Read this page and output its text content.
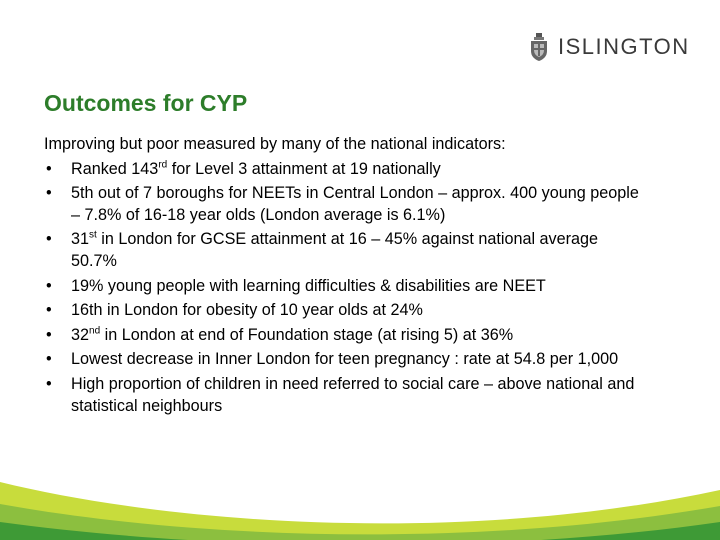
ISLINGTON
Outcomes for CYP

Improving but poor measured by many of the national indicators:

• Ranked 143rd for Level 3 attainment at 19 nationally
• 5th out of 7 boroughs for NEETs in Central London – approx. 400 young people – 7.8% of 16-18 year olds (London average is 6.1%)
• 31st in London for GCSE attainment at 16 – 45% against national average 50.7%
• 19% young people with learning difficulties & disabilities are NEET
• 16th in London for obesity of 10 year olds at 24%
• 32nd in London at end of Foundation stage (at rising 5) at 36%
• Lowest decrease in Inner London for teen pregnancy : rate at 54.8 per 1,000
• High proportion of children in need referred to social care – above national and statistical neighbours
